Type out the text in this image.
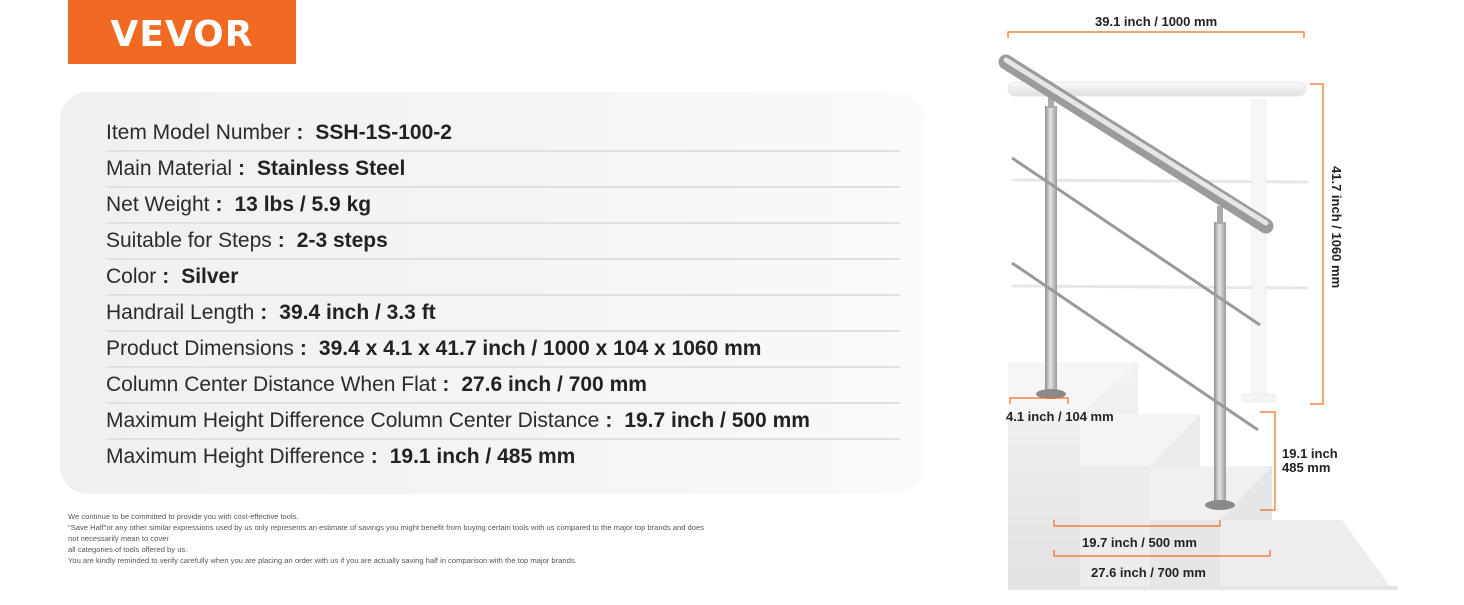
VEVOR
Item Model Number : SSH-1S-100-2
Main Material : Stainless Steel
Net Weight : 13 lbs / 5.9 kg
Suitable for Steps : 2-3 steps
Color : Silver
Handrail Length : 39.4 inch / 3.3 ft
Product Dimensions : 39.4 x 4.1 x 41.7 inch / 1000 x 104 x 1060 mm
Column Center Distance When Flat : 27.6 inch / 700 mm
Maximum Height Difference Column Center Distance : 19.7 inch / 500 mm
Maximum Height Difference : 19.1 inch / 485 mm
We continue to be committed to provide you with cost-effective tools.
"Save Half"or any other similar expressions used by us only represents an estimate of savings you might benefit from buying certain tools with us compared to the major top brands and does
not necessarily mean to cover
all categories of tools offered by us.
You are kindly reminded to verify carefully when you are placing an order with us if you are actually saving half in comparison with the top major brands.
39.1 inch / 1000 mm
41.7 inch / 1060 mm
4.1 inch / 104 mm
19.1 inch
485 mm
19.7 inch / 500 mm
27.6 inch / 700 mm
